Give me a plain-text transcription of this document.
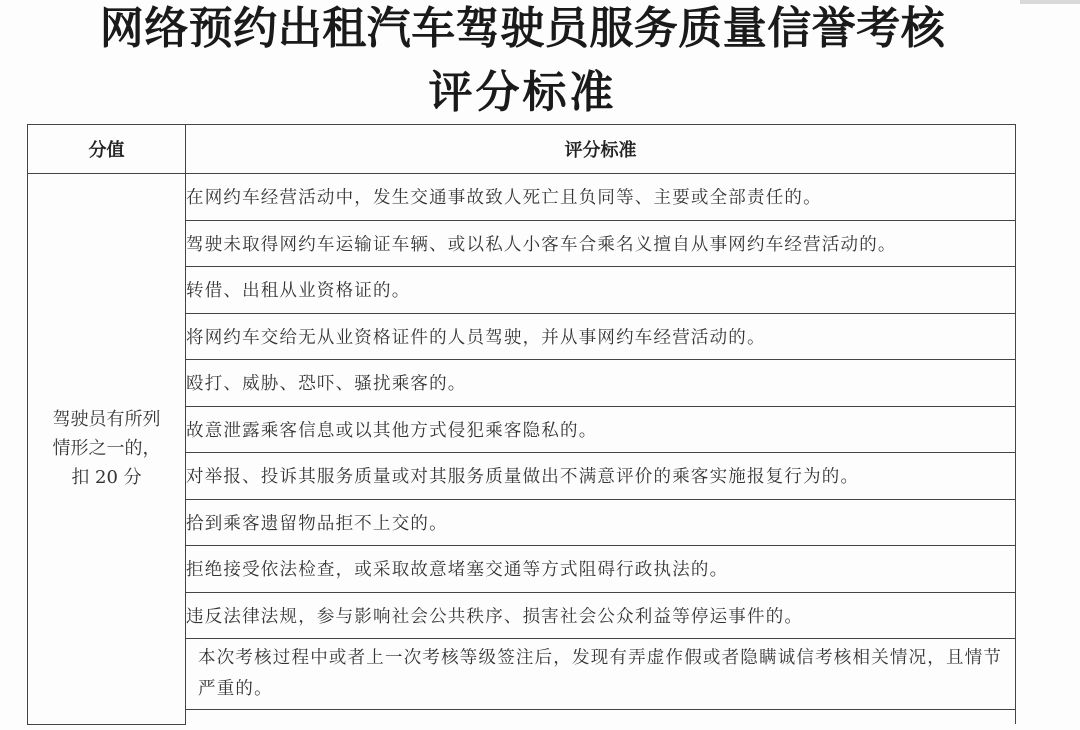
网络预约出租汽车驾驶员服务质量信誉考核
评分标准
分值	评分标准

驾驶员有所列
情形之一的，
扣 20 分	在网约车经营活动中，发生交通事故致人死亡且负同等、主要或全部责任的。
	驾驶未取得网约车运输证车辆、或以私人小客车合乘名义擅自从事网约车经营活动的。
	转借、出租从业资格证的。
	将网约车交给无从业资格证件的人员驾驶，并从事网约车经营活动的。
	殴打、威胁、恐吓、骚扰乘客的。
	故意泄露乘客信息或以其他方式侵犯乘客隐私的。
	对举报、投诉其服务质量或对其服务质量做出不满意评价的乘客实施报复行为的。
	拾到乘客遗留物品拒不上交的。
	拒绝接受依法检查，或采取故意堵塞交通等方式阻碍行政执法的。
	违反法律法规，参与影响社会公共秩序、损害社会公众利益等停运事件的。
	本次考核过程中或者上一次考核等级签注后，发现有弄虚作假或者隐瞒诚信考核相关情况，且情节严重的。
